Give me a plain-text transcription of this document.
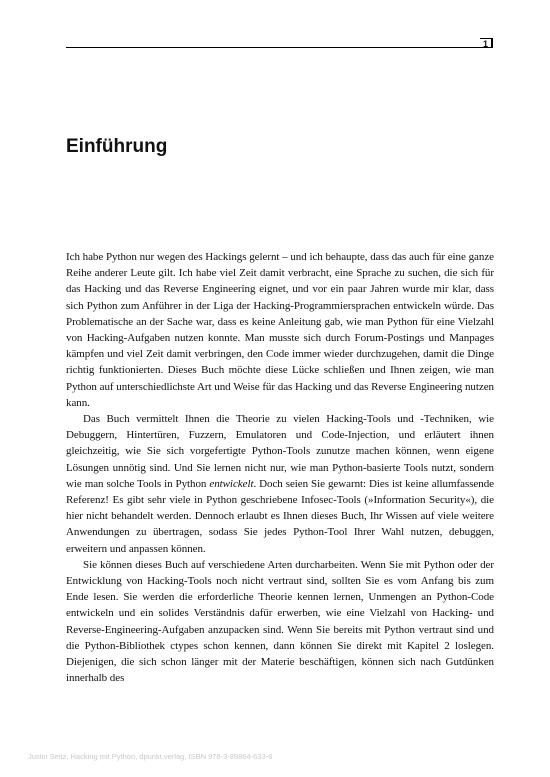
1
Einführung

Ich habe Python nur wegen des Hackings gelernt – und ich behaupte, dass das auch für eine ganze Reihe anderer Leute gilt. Ich habe viel Zeit damit verbracht, eine Sprache zu suchen, die sich für das Hacking und das Reverse Engineering eignet, und vor ein paar Jahren wurde mir klar, dass sich Python zum Anführer in der Liga der Hacking-Programmiersprachen entwickeln würde. Das Problematische an der Sache war, dass es keine Anleitung gab, wie man Python für eine Vielzahl von Hacking-Aufgaben nutzen konnte. Man musste sich durch Forum-Postings und Manpages kämpfen und viel Zeit damit verbringen, den Code immer wieder durchzugehen, damit die Dinge richtig funktionierten. Dieses Buch möchte diese Lücke schließen und Ihnen zeigen, wie man Python auf unterschiedlichste Art und Weise für das Hacking und das Reverse Engineering nutzen kann.

Das Buch vermittelt Ihnen die Theorie zu vielen Hacking-Tools und -Techniken, wie Debuggern, Hintertüren, Fuzzern, Emulatoren und Code-Injection, und erläutert ihnen gleichzeitig, wie Sie sich vorgefertigte Python-Tools zunutze machen können, wenn eigene Lösungen unnötig sind. Und Sie lernen nicht nur, wie man Python-basierte Tools nutzt, sondern wie man solche Tools in Python entwickelt. Doch seien Sie gewarnt: Dies ist keine allumfassende Referenz! Es gibt sehr viele in Python geschriebene Infosec-Tools (»Information Security«), die hier nicht behandelt werden. Dennoch erlaubt es Ihnen dieses Buch, Ihr Wissen auf viele weitere Anwendungen zu übertragen, sodass Sie jedes Python-Tool Ihrer Wahl nutzen, debuggen, erweitern und anpassen können.

Sie können dieses Buch auf verschiedene Arten durcharbeiten. Wenn Sie mit Python oder der Entwicklung von Hacking-Tools noch nicht vertraut sind, sollten Sie es vom Anfang bis zum Ende lesen. Sie werden die erforderliche Theorie kennen lernen, Unmengen an Python-Code entwickeln und ein solides Verständnis dafür erwerben, wie eine Vielzahl von Hacking- und Reverse-Engineering-Aufgaben anzupacken sind. Wenn Sie bereits mit Python vertraut sind und die Python-Bibliothek ctypes schon kennen, dann können Sie direkt mit Kapitel 2 loslegen. Diejenigen, die sich schon länger mit der Materie beschäftigen, können sich nach Gutdünken innerhalb des

Justin Seitz, Hacking mit Python, dpunkt.verlag, ISBN 978-3-89864-633-8
